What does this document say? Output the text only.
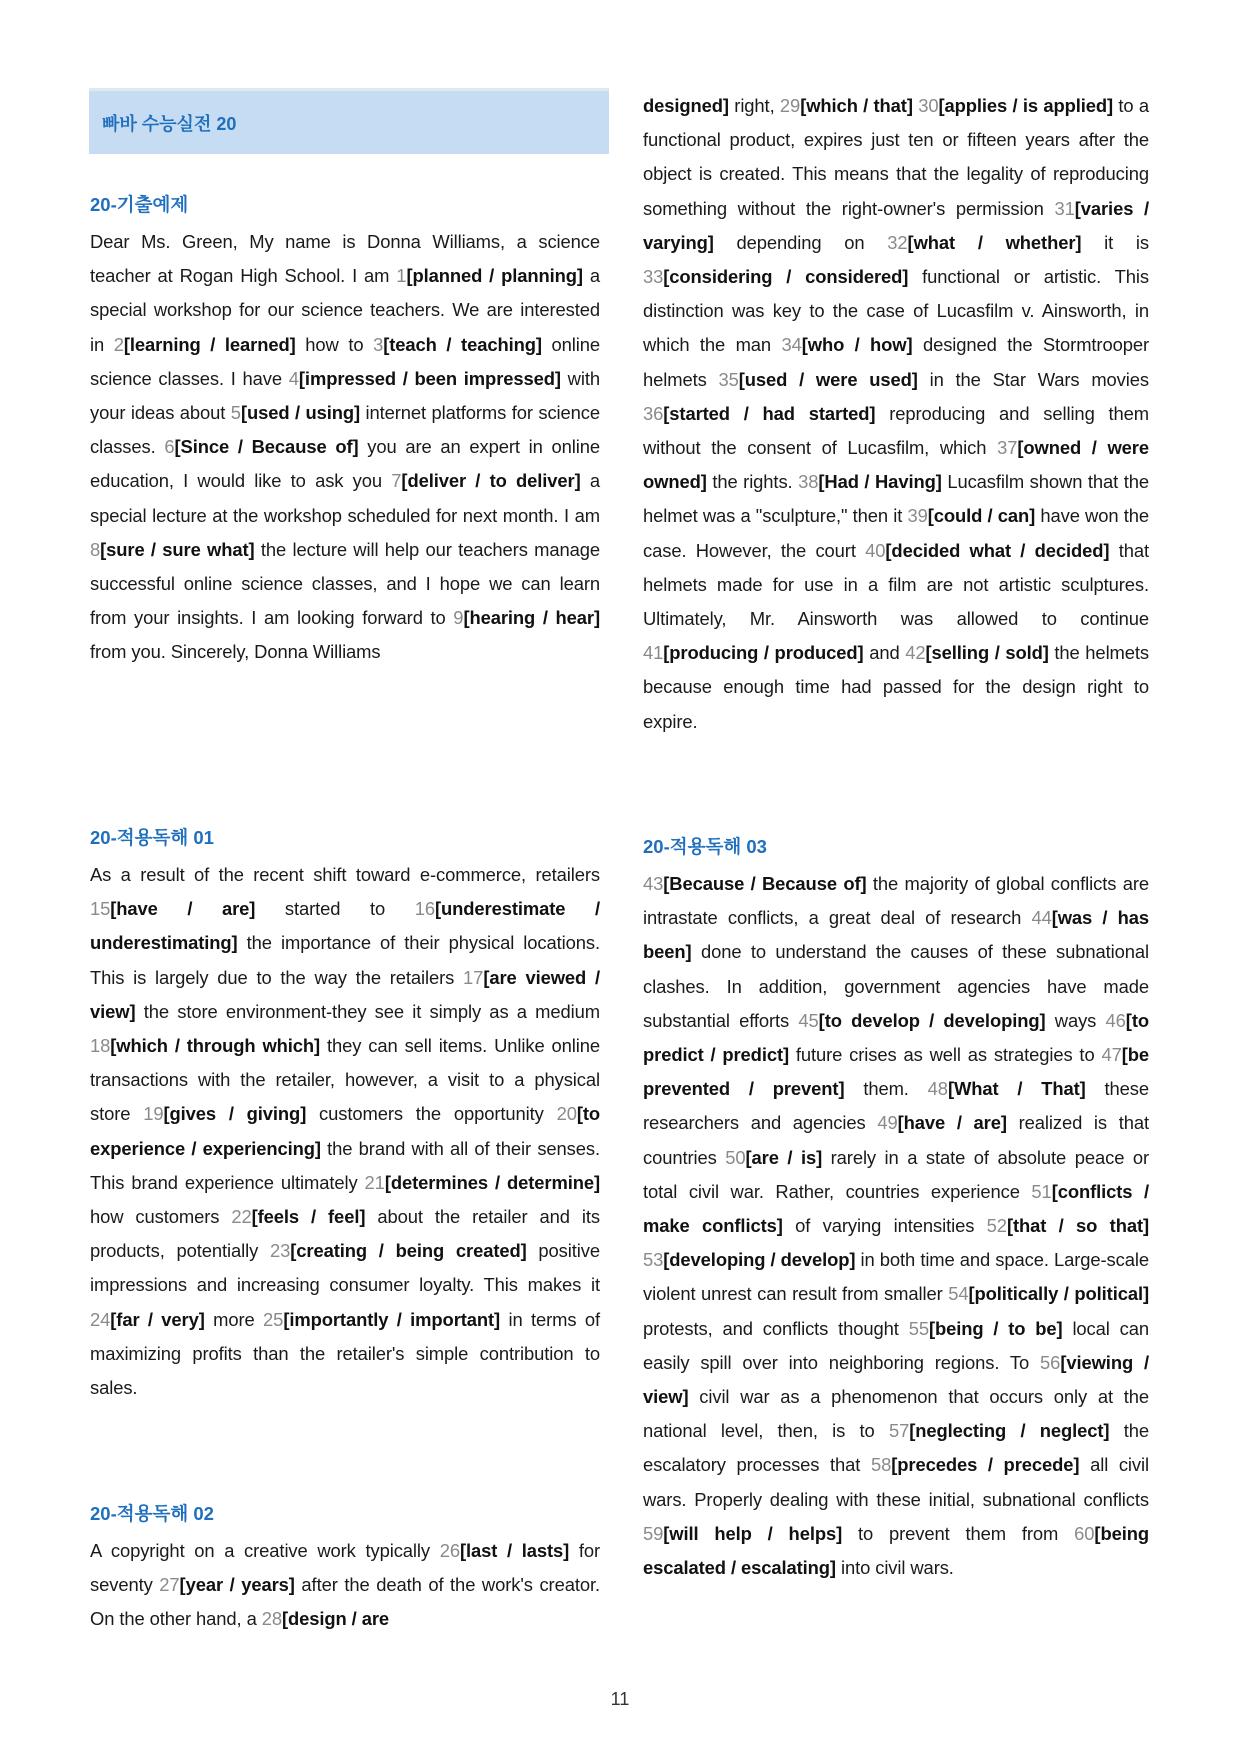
빠바 수능실전 20
20-기출예제

Dear Ms. Green, My name is Donna Williams, a science teacher at Rogan High School. I am 1[planned / planning] a special workshop for our science teachers. We are interested in 2[learning / learned] how to 3[teach / teaching] online science classes. I have 4[impressed / been impressed] with your ideas about 5[used / using] internet platforms for science classes. 6[Since / Because of] you are an expert in online education, I would like to ask you 7[deliver / to deliver] a special lecture at the workshop scheduled for next month. I am 8[sure / sure what] the lecture will help our teachers manage successful online science classes, and I hope we can learn from your insights. I am looking forward to 9[hearing / hear] from you. Sincerely, Donna Williams

20-적용독해 01

As a result of the recent shift toward e-commerce, retailers 15[have / are] started to 16[underestimate / underestimating] the importance of their physical locations. This is largely due to the way the retailers 17[are viewed / view] the store environment-they see it simply as a medium 18[which / through which] they can sell items. Unlike online transactions with the retailer, however, a visit to a physical store 19[gives / giving] customers the opportunity 20[to experience / experiencing] the brand with all of their senses. This brand experience ultimately 21[determines / determine] how customers 22[feels / feel] about the retailer and its products, potentially 23[creating / being created] positive impressions and increasing consumer loyalty. This makes it 24[far / very] more 25[importantly / important] in terms of maximizing profits than the retailer's simple contribution to sales.

20-적용독해 02

A copyright on a creative work typically 26[last / lasts] for seventy 27[year / years] after the death of the work's creator. On the other hand, a 28[design / are

designed] right, 29[which / that] 30[applies / is applied] to a functional product, expires just ten or fifteen years after the object is created. This means that the legality of reproducing something without the right-owner's permission 31[varies / varying] depending on 32[what / whether] it is 33[considering / considered] functional or artistic. This distinction was key to the case of Lucasfilm v. Ainsworth, in which the man 34[who / how] designed the Stormtrooper helmets 35[used / were used] in the Star Wars movies 36[started / had started] reproducing and selling them without the consent of Lucasfilm, which 37[owned / were owned] the rights. 38[Had / Having] Lucasfilm shown that the helmet was a "sculpture," then it 39[could / can] have won the case. However, the court 40[decided what / decided] that helmets made for use in a film are not artistic sculptures. Ultimately, Mr. Ainsworth was allowed to continue 41[producing / produced] and 42[selling / sold] the helmets because enough time had passed for the design right to expire.

20-적용독해 03

43[Because / Because of] the majority of global conflicts are intrastate conflicts, a great deal of research 44[was / has been] done to understand the causes of these subnational clashes. In addition, government agencies have made substantial efforts 45[to develop / developing] ways 46[to predict / predict] future crises as well as strategies to 47[be prevented / prevent] them. 48[What / That] these researchers and agencies 49[have / are] realized is that countries 50[are / is] rarely in a state of absolute peace or total civil war. Rather, countries experience 51[conflicts / make conflicts] of varying intensities 52[that / so that] 53[developing / develop] in both time and space. Large-scale violent unrest can result from smaller 54[politically / political] protests, and conflicts thought 55[being / to be] local can easily spill over into neighboring regions. To 56[viewing / view] civil war as a phenomenon that occurs only at the national level, then, is to 57[neglecting / neglect] the escalatory processes that 58[precedes / precede] all civil wars. Properly dealing with these initial, subnational conflicts 59[will help / helps] to prevent them from 60[being escalated / escalating] into civil wars.

11
